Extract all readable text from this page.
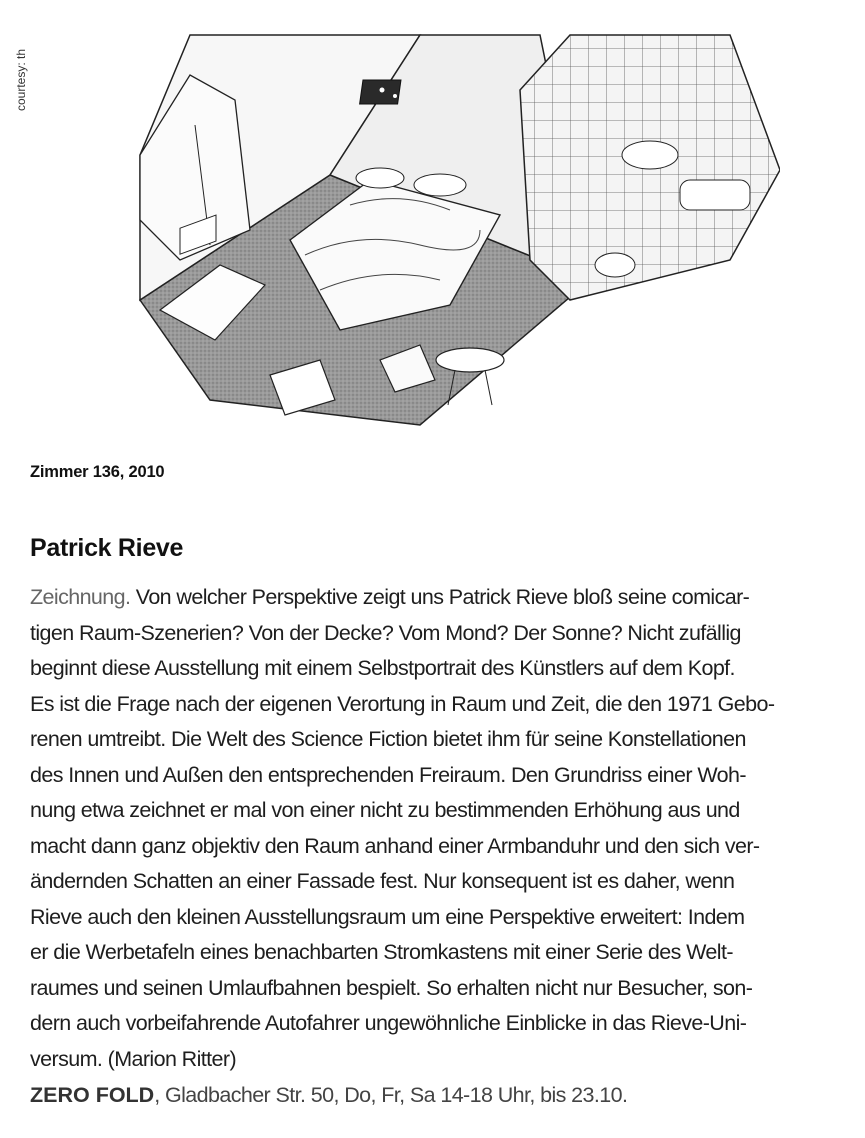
courtesy: th
Zimmer 136, 2010
Patrick Rieve
Zeichnung. Von welcher Perspektive zeigt uns Patrick Rieve bloß seine comicar-
tigen Raum-Szenerien? Von der Decke? Vom Mond? Der Sonne? Nicht zufällig
beginnt diese Ausstellung mit einem Selbstportrait des Künstlers auf dem Kopf.
Es ist die Frage nach der eigenen Verortung in Raum und Zeit, die den 1971 Gebo-
renen umtreibt. Die Welt des Science Fiction bietet ihm für seine Konstellationen
des Innen und Außen den entsprechenden Freiraum. Den Grundriss einer Woh-
nung etwa zeichnet er mal von einer nicht zu bestimmenden Erhöhung aus und
macht dann ganz objektiv den Raum anhand einer Armbanduhr und den sich ver-
ändernden Schatten an einer Fassade fest. Nur konsequent ist es daher, wenn
Rieve auch den kleinen Ausstellungsraum um eine Perspektive erweitert: Indem
er die Werbetafeln eines benachbarten Stromkastens mit einer Serie des Welt-
raumes und seinen Umlaufbahnen bespielt. So erhalten nicht nur Besucher, son-
dern auch vorbeifahrende Autofahrer ungewöhnliche Einblicke in das Rieve-Uni-
versum. (Marion Ritter)
ZERO FOLD, Gladbacher Str. 50, Do, Fr, Sa 14-18 Uhr, bis 23.10.
